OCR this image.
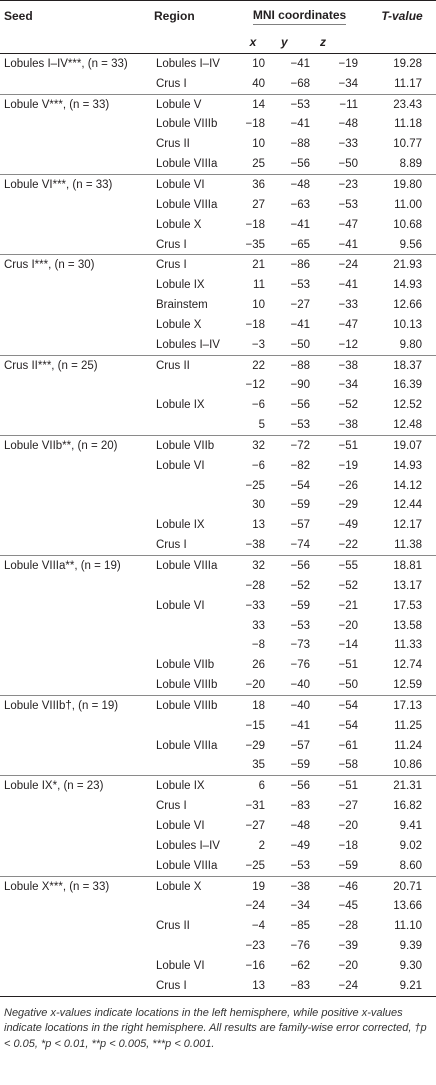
Seed	Region	MNI coordinates			T-value
		x	y	z	
Lobules I–IV***, (n = 33)	Lobules I–IV	10	−41	−19	19.28
	Crus I	40	−68	−34	11.17
Lobule V***, (n = 33)	Lobule V	14	−53	−11	23.43
	Lobule VIIIb	−18	−41	−48	11.18
	Crus II	10	−88	−33	10.77
	Lobule VIIIa	25	−56	−50	8.89
Lobule VI***, (n = 33)	Lobule VI	36	−48	−23	19.80
	Lobule VIIIa	27	−63	−53	11.00
	Lobule X	−18	−41	−47	10.68
	Crus I	−35	−65	−41	9.56
Crus I***, (n = 30)	Crus I	21	−86	−24	21.93
	Lobule IX	11	−53	−41	14.93
	Brainstem	10	−27	−33	12.66
	Lobule X	−18	−41	−47	10.13
	Lobules I–IV	−3	−50	−12	9.80
Crus II***, (n = 25)	Crus II	22	−88	−38	18.37
		−12	−90	−34	16.39
	Lobule IX	−6	−56	−52	12.52
		5	−53	−38	12.48
Lobule VIIb**, (n = 20)	Lobule VIIb	32	−72	−51	19.07
	Lobule VI	−6	−82	−19	14.93
		−25	−54	−26	14.12
		30	−59	−29	12.44
	Lobule IX	13	−57	−49	12.17
	Crus I	−38	−74	−22	11.38
Lobule VIIIa**, (n = 19)	Lobule VIIIa	32	−56	−55	18.81
		−28	−52	−52	13.17
	Lobule VI	−33	−59	−21	17.53
		33	−53	−20	13.58
		−8	−73	−14	11.33
	Lobule VIIb	26	−76	−51	12.74
	Lobule VIIIb	−20	−40	−50	12.59
Lobule VIIIb†, (n = 19)	Lobule VIIIb	18	−40	−54	17.13
		−15	−41	−54	11.25
	Lobule VIIIa	−29	−57	−61	11.24
		35	−59	−58	10.86
Lobule IX*, (n = 23)	Lobule IX	6	−56	−51	21.31
	Crus I	−31	−83	−27	16.82
	Lobule VI	−27	−48	−20	9.41
	Lobules I–IV	2	−49	−18	9.02
	Lobule VIIIa	−25	−53	−59	8.60
Lobule X***, (n = 33)	Lobule X	19	−38	−46	20.71
		−24	−34	−45	13.66
	Crus II	−4	−85	−28	11.10
		−23	−76	−39	9.39
	Lobule VI	−16	−62	−20	9.30
	Crus I	13	−83	−24	9.21
Negative x-values indicate locations in the left hemisphere, while positive x-values indicate locations in the right hemisphere. All results are family-wise error corrected, †p < 0.05, *p < 0.01, **p < 0.005, ***p < 0.001.
